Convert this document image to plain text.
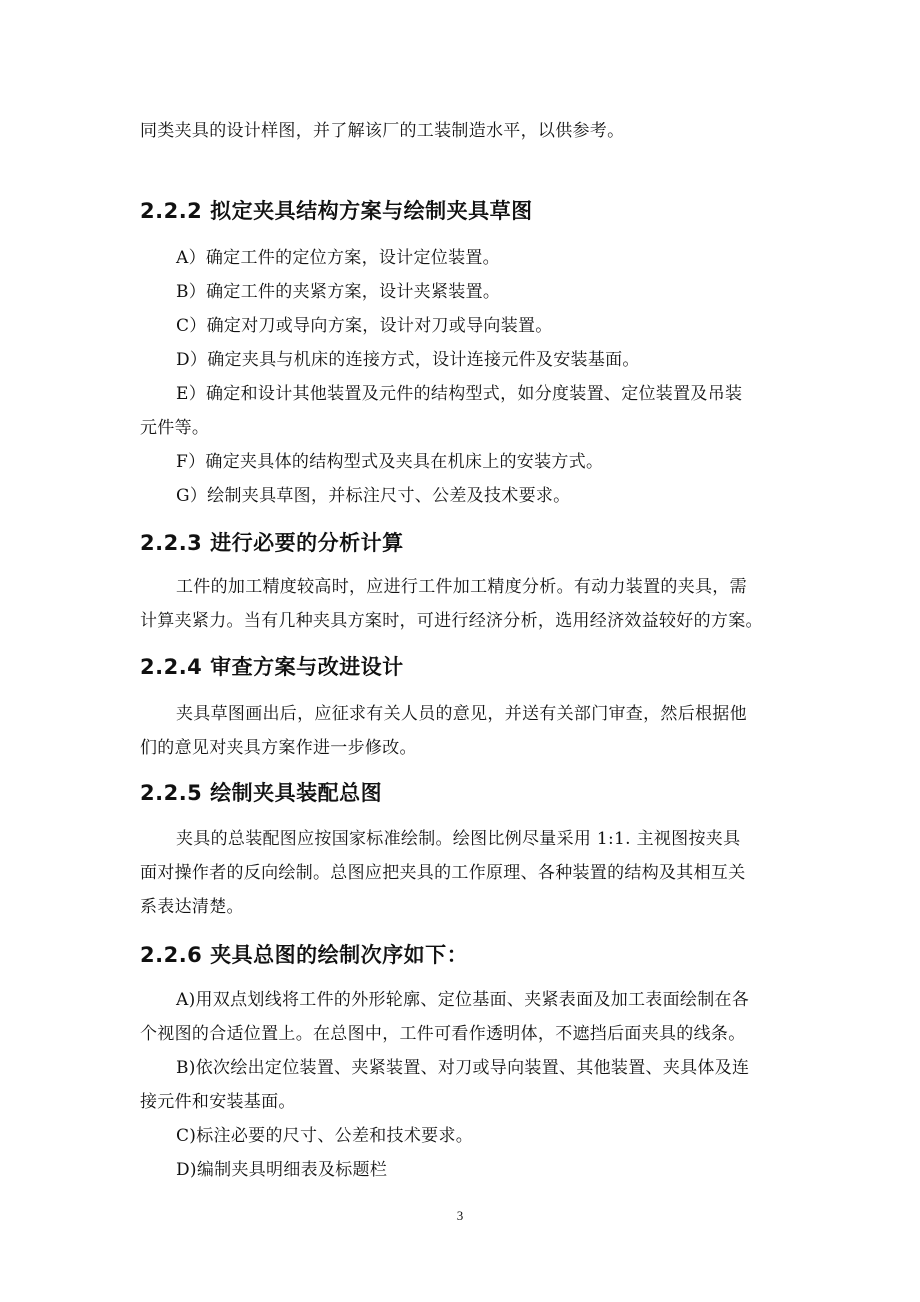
同类夹具的设计样图，并了解该厂的工装制造水平，以供参考。
2.2.2 拟定夹具结构方案与绘制夹具草图
A）确定工件的定位方案，设计定位装置。
B）确定工件的夹紧方案，设计夹紧装置。
C）确定对刀或导向方案，设计对刀或导向装置。
D）确定夹具与机床的连接方式，设计连接元件及安装基面。
E）确定和设计其他装置及元件的结构型式，如分度装置、定位装置及吊装
元件等。
F）确定夹具体的结构型式及夹具在机床上的安装方式。
G）绘制夹具草图，并标注尺寸、公差及技术要求。
2.2.3 进行必要的分析计算
工件的加工精度较高时，应进行工件加工精度分析。有动力装置的夹具，需
计算夹紧力。当有几种夹具方案时，可进行经济分析，选用经济效益较好的方案。
2.2.4 审查方案与改进设计
夹具草图画出后，应征求有关人员的意见，并送有关部门审查，然后根据他
们的意见对夹具方案作进一步修改。
2.2.5 绘制夹具装配总图
夹具的总装配图应按国家标准绘制。绘图比例尽量采用 1:1. 主视图按夹具
面对操作者的反向绘制。总图应把夹具的工作原理、各种装置的结构及其相互关
系表达清楚。
2.2.6 夹具总图的绘制次序如下：
A)用双点划线将工件的外形轮廓、定位基面、夹紧表面及加工表面绘制在各
个视图的合适位置上。在总图中，工件可看作透明体，不遮挡后面夹具的线条。
B)依次绘出定位装置、夹紧装置、对刀或导向装置、其他装置、夹具体及连
接元件和安装基面。
C)标注必要的尺寸、公差和技术要求。
D)编制夹具明细表及标题栏
3
